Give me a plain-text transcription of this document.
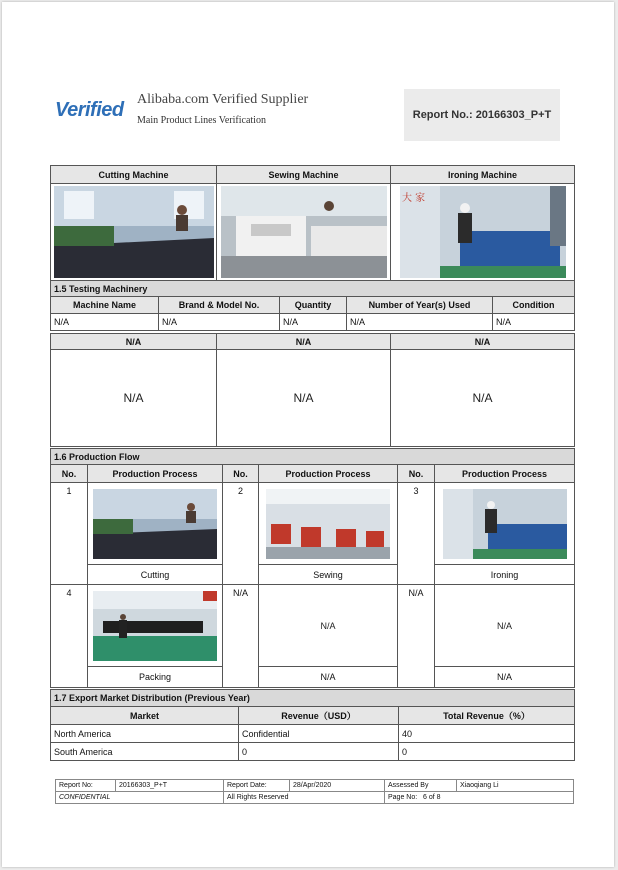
Verified Alibaba.com Verified Supplier
Main Product Lines Verification	Report No.: 20166303_P+T
Cutting Machine	Sewing Machine	Ironing Machine

大 家
1.5 Testing Machinery				
Machine Name	Brand & Model No.	Quantity	Number of Year(s) Used	Condition
N/A	N/A	N/A	N/A	N/A
N/A	N/A	N/A
N/A	N/A	N/A
1.6 Production Flow					
No.	Production Process	No.	Production Process	No.	Production Process
1		2		3	

	Cutting		Sewing		Ironing
4		N/A	N/A	N/A	N/A
	Packing		N/A		N/A
1.7 Export Market Distribution (Previous Year)		
Market	Revenue（USD）	Total Revenue（%）
North America	Confidential	40
South America	0	0
Report No:	20166303_P+T	Report Date:	28/Apr/2020	Assessed By	Xiaoqiang Li
CONFIDENTIAL		All Rights Reserved		Page No: 6 of 8	
